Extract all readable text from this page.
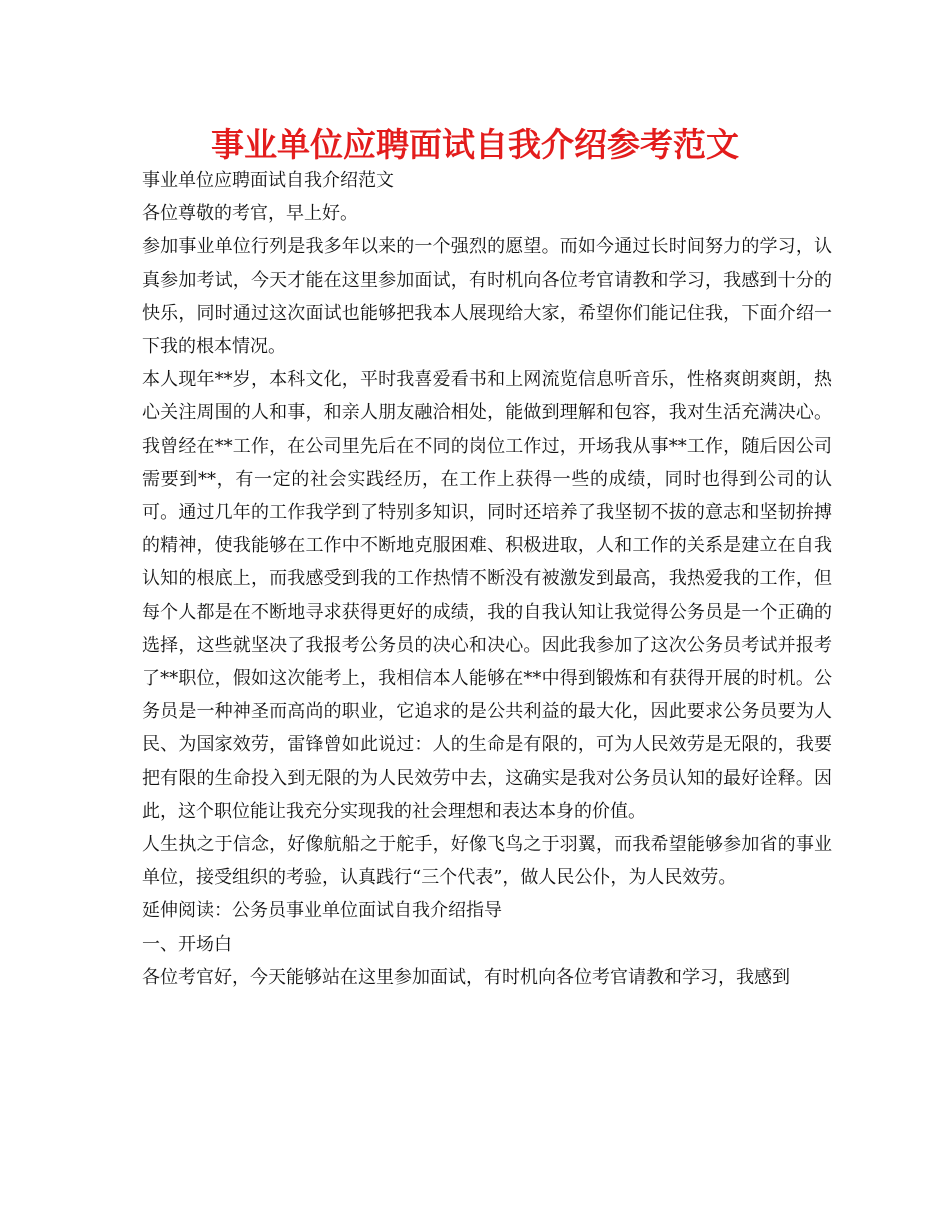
事业单位应聘面试自我介绍参考范文

事业单位应聘面试自我介绍范文

各位尊敬的考官，早上好。

参加事业单位行列是我多年以来的一个强烈的愿望。而如今通过长时间努力的学习，认真参加考试，今天才能在这里参加面试，有时机向各位考官请教和学习，我感到十分的快乐，同时通过这次面试也能够把我本人展现给大家，希望你们能记住我，下面介绍一下我的根本情况。

本人现年**岁，本科文化，平时我喜爱看书和上网流览信息听音乐，性格爽朗爽朗，热心关注周围的人和事，和亲人朋友融洽相处，能做到理解和包容，我对生活充满决心。我曾经在**工作，在公司里先后在不同的岗位工作过，开场我从事**工作，随后因公司需要到**，有一定的社会实践经历，在工作上获得一些的成绩，同时也得到公司的认可。通过几年的工作我学到了特别多知识，同时还培养了我坚韧不拔的意志和坚韧拚搏的精神，使我能够在工作中不断地克服困难、积极进取，人和工作的关系是建立在自我认知的根底上，而我感受到我的工作热情不断没有被激发到最高，我热爱我的工作，但每个人都是在不断地寻求获得更好的成绩，我的自我认知让我觉得公务员是一个正确的选择，这些就坚决了我报考公务员的决心和决心。因此我参加了这次公务员考试并报考了**职位，假如这次能考上，我相信本人能够在**中得到锻炼和有获得开展的时机。公务员是一种神圣而高尚的职业，它追求的是公共利益的最大化，因此要求公务员要为人民、为国家效劳，雷锋曾如此说过：人的生命是有限的，可为人民效劳是无限的，我要把有限的生命投入到无限的为人民效劳中去，这确实是我对公务员认知的最好诠释。因此，这个职位能让我充分实现我的社会理想和表达本身的价值。

人生执之于信念，好像航船之于舵手，好像飞鸟之于羽翼，而我希望能够参加省的事业单位，接受组织的考验，认真践行“三个代表”，做人民公仆，为人民效劳。

延伸阅读：公务员事业单位面试自我介绍指导

一、开场白

各位考官好，今天能够站在这里参加面试，有时机向各位考官请教和学习，我感到
